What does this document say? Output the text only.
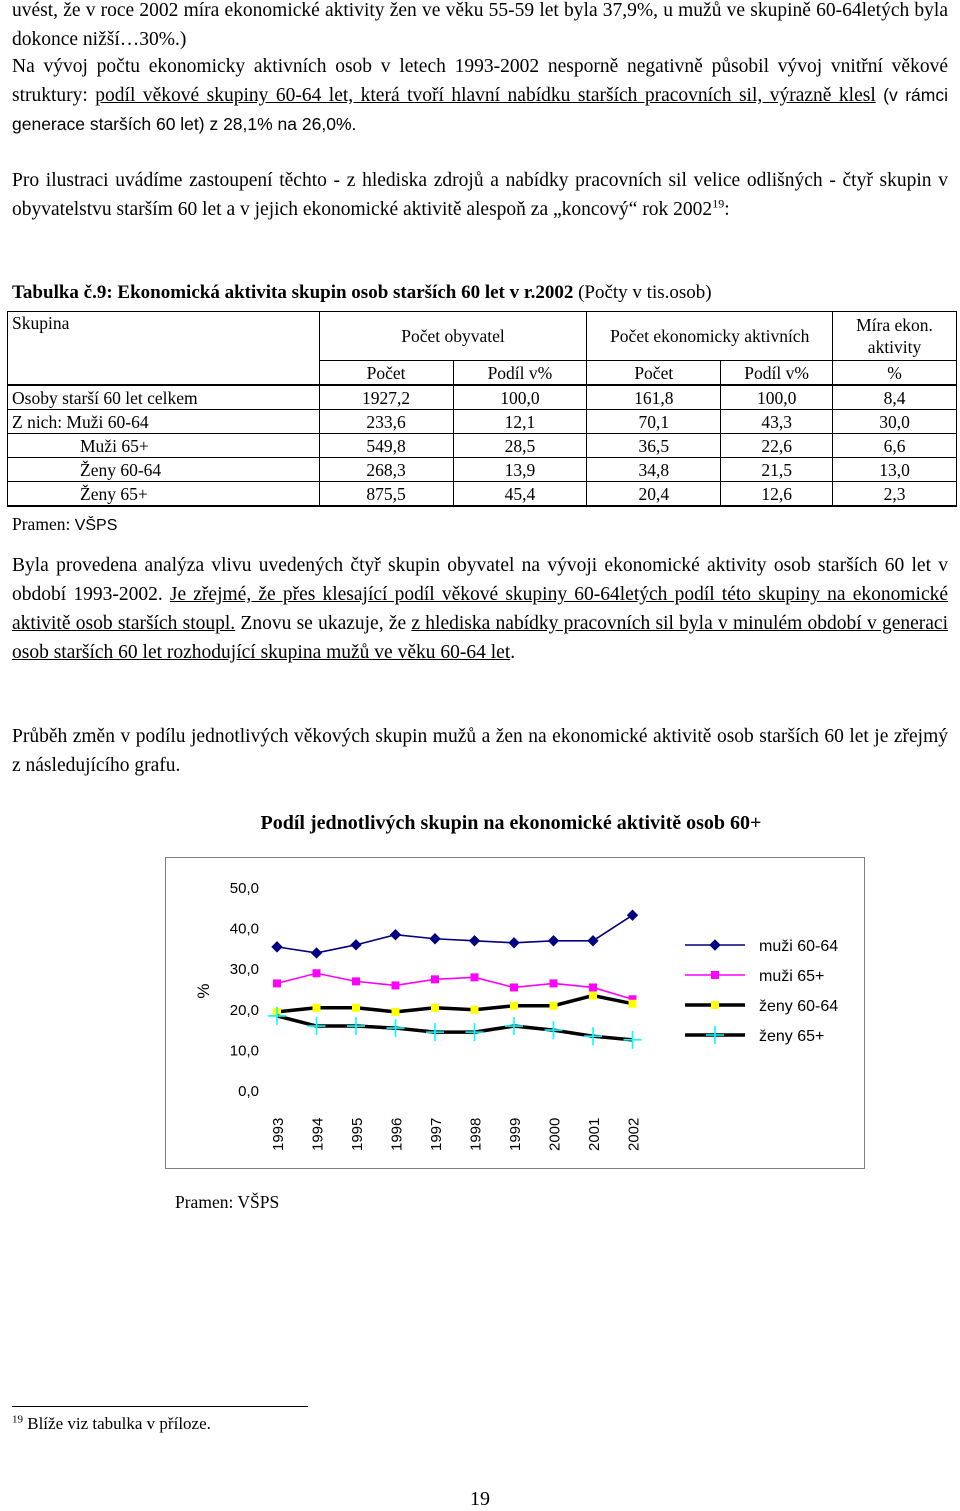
uvést, že v roce 2002 míra ekonomické aktivity žen ve věku 55-59 let byla 37,9%, u mužů ve skupině 60-64letých byla dokonce nižší…30%.)

Na vývoj počtu ekonomicky aktivních osob v letech 1993-2002 nesporně negativně působil vývoj vnitřní věkové struktury: podíl věkové skupiny 60-64 let, která tvoří hlavní nabídku starších pracovních sil, výrazně klesl (v rámci generace starších 60 let) z 28,1% na 26,0%.

Pro ilustraci uvádíme zastoupení těchto - z hlediska zdrojů a nabídky pracovních sil velice odlišných - čtyř skupin v obyvatelstvu starším 60 let a v jejich ekonomické aktivitě alespoň za „koncový“ rok 2002$^{19}$:

Tabulka č.9: Ekonomická aktivita skupin osob starších 60 let v r.2002 (Počty v tis.osob)

Skupina	Počet obyvatel		Počet ekonomicky aktivních		Míra ekon. aktivity
	Počet	Podíl v%	Počet	Podíl v%	%
Osoby starší 60 let celkem	1927,2	100,0	161,8	100,0	8,4
Z nich: Muži 60-64	233,6	12,1	70,1	43,3	30,0
Muži 65+	549,8	28,5	36,5	22,6	6,6
Ženy 60-64	268,3	13,9	34,8	21,5	13,0
Ženy 65+	875,5	45,4	20,4	12,6	2,3

Pramen: VŠPS

Byla provedena analýza vlivu uvedených čtyř skupin obyvatel na vývoji ekonomické aktivity osob starších 60 let v období 1993-2002. Je zřejmé, že přes klesající podíl věkové skupiny 60-64letých podíl této skupiny na ekonomické aktivitě osob starších stoupl. Znovu se ukazuje, že z hlediska nabídky pracovních sil byla v minulém období v generaci osob starších 60 let rozhodující skupina mužů ve věku 60-64 let.

Průběh změn v podílu jednotlivých věkových skupin mužů a žen na ekonomické aktivitě osob starších 60 let je zřejmý z následujícího grafu.

Podíl jednotlivých skupin na ekonomické aktivitě osob 60+

%
0,0
10,0
20,0
30,0
40,0
50,0
1993 1994 1995 1996 1997 1998 1999 2000 2001 2002
muži 60-64
muži 65+
ženy 60-64
ženy 65+

Pramen: VŠPS

$^{19}$ Blíže viz tabulka v příloze.

19
